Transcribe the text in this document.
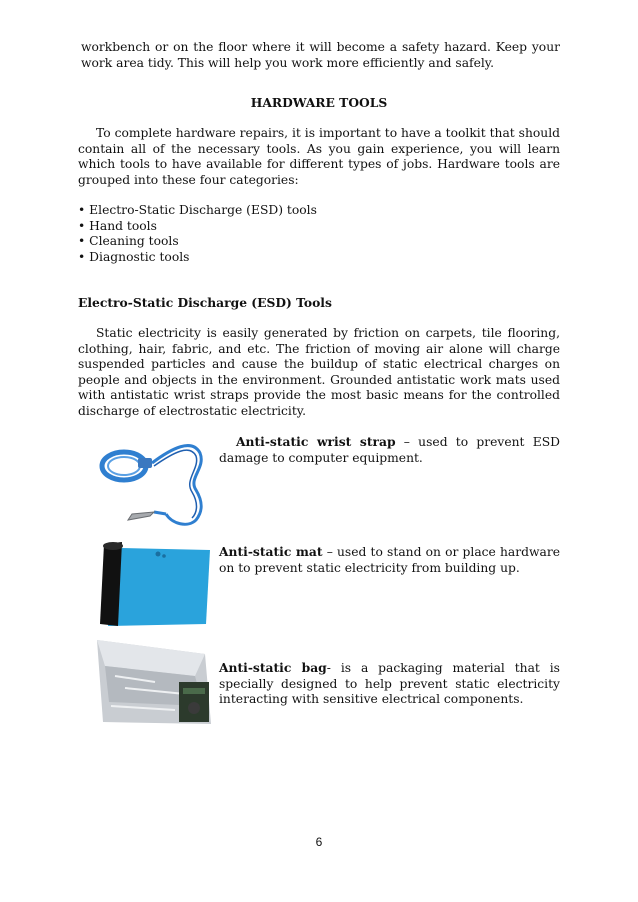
workbench or on the floor where it will become a safety hazard. Keep your work area tidy. This will help you work more efficiently and safely.

HARDWARE TOOLS

To complete hardware repairs, it is important to have a toolkit that should contain all of the necessary tools. As you gain experience, you will learn which tools to have available for different types of jobs. Hardware tools are grouped into these four categories:

• Electro-Static Discharge (ESD) tools
• Hand tools
• Cleaning tools
• Diagnostic tools

Electro-Static Discharge (ESD) Tools

Static electricity is easily generated by friction on carpets, tile flooring, clothing, hair, fabric, and etc. The friction of moving air alone will charge suspended particles and cause the buildup of static electrical charges on people and objects in the environment. Grounded antistatic work mats used with antistatic wrist straps provide the most basic means for the controlled discharge of electrostatic electricity.

Anti-static wrist strap – used to prevent ESD damage to computer equipment.

Anti-static mat – used to stand on or place hardware on to prevent static electricity from building up.

Anti-static bag- is a packaging material that is specially designed to help prevent static electricity interacting with sensitive electrical components.

6
